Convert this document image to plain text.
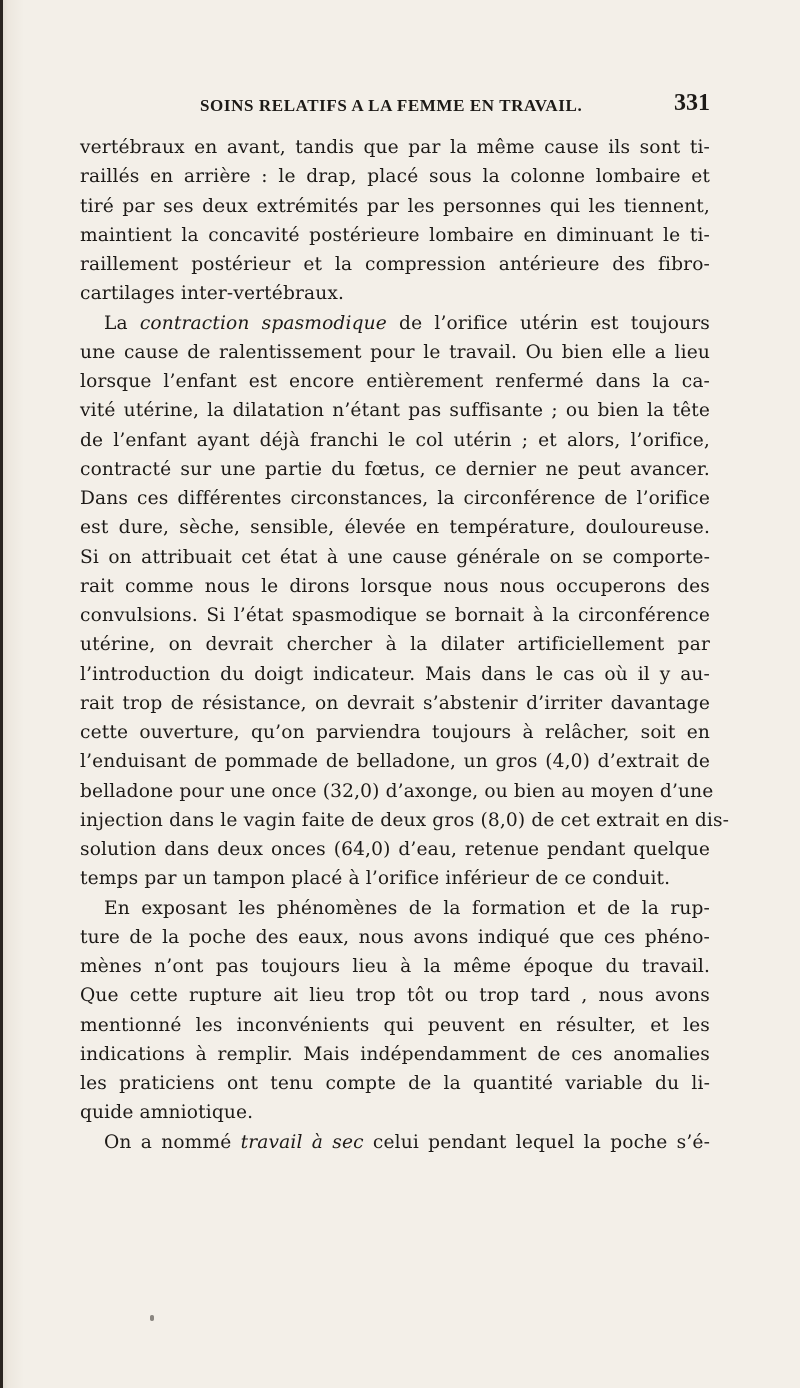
SOINS RELATIFS A LA FEMME EN TRAVAIL.	331
vertébraux en avant, tandis que par la même cause ils sont ti-
raillés en arrière : le drap, placé sous la colonne lombaire et
tiré par ses deux extrémités par les personnes qui les tiennent,
maintient la concavité postérieure lombaire en diminuant le ti-
raillement postérieur et la compression antérieure des fibro-
cartilages inter-vertébraux.
La contraction spasmodique de l’orifice utérin est toujours
une cause de ralentissement pour le travail. Ou bien elle a lieu
lorsque l’enfant est encore entièrement renfermé dans la ca-
vité utérine, la dilatation n’étant pas suffisante ; ou bien la tête
de l’enfant ayant déjà franchi le col utérin ; et alors, l’orifice,
contracté sur une partie du fœtus, ce dernier ne peut avancer.
Dans ces différentes circonstances, la circonférence de l’orifice
est dure, sèche, sensible, élevée en température, douloureuse.
Si on attribuait cet état à une cause générale on se comporte-
rait comme nous le dirons lorsque nous nous occuperons des
convulsions. Si l’état spasmodique se bornait à la circonférence
utérine, on devrait chercher à la dilater artificiellement par
l’introduction du doigt indicateur. Mais dans le cas où il y au-
rait trop de résistance, on devrait s’abstenir d’irriter davantage
cette ouverture, qu’on parviendra toujours à relâcher, soit en
l’enduisant de pommade de belladone, un gros (4,0) d’extrait de
belladone pour une once (32,0) d’axonge, ou bien au moyen d’une
injection dans le vagin faite de deux gros (8,0) de cet extrait en dis-
solution dans deux onces (64,0) d’eau, retenue pendant quelque
temps par un tampon placé à l’orifice inférieur de ce conduit.
En exposant les phénomènes de la formation et de la rup-
ture de la poche des eaux, nous avons indiqué que ces phéno-
mènes n’ont pas toujours lieu à la même époque du travail.
Que cette rupture ait lieu trop tôt ou trop tard , nous avons
mentionné les inconvénients qui peuvent en résulter, et les
indications à remplir. Mais indépendamment de ces anomalies
les praticiens ont tenu compte de la quantité variable du li-
quide amniotique.
On a nommé travail à sec celui pendant lequel la poche s’é-
